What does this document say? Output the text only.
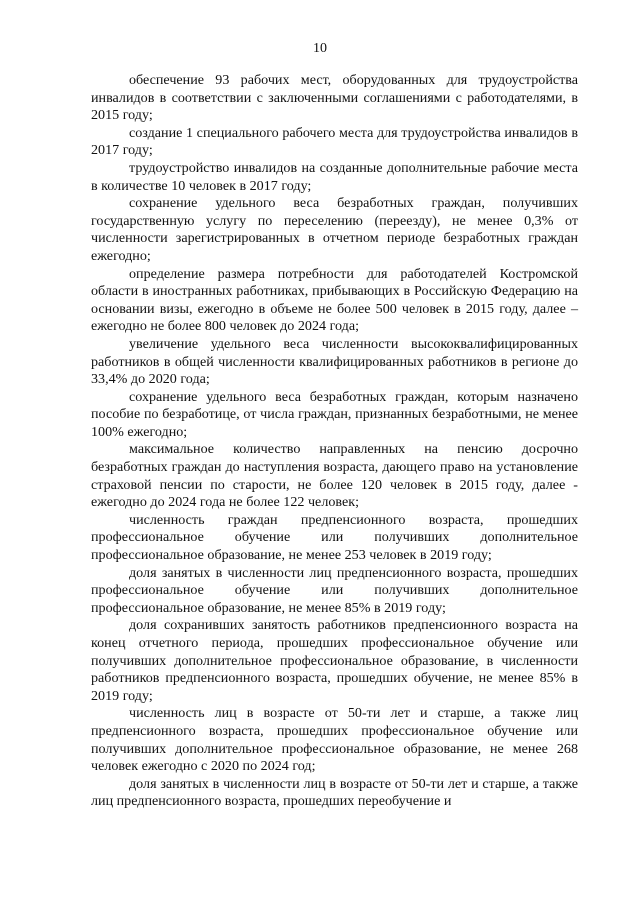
10

обеспечение 93 рабочих мест, оборудованных для трудоустройства инвалидов в соответствии с заключенными соглашениями с работодателями, в 2015 году;

создание 1 специального рабочего места для трудоустройства инвалидов в 2017 году;

трудоустройство инвалидов на созданные дополнительные рабочие места в количестве 10 человек в 2017 году;

сохранение удельного веса безработных граждан, получивших государственную услугу по переселению (переезду), не менее 0,3% от численности зарегистрированных в отчетном периоде безработных граждан ежегодно;

определение размера потребности для работодателей Костромской области в иностранных работниках, прибывающих в Российскую Федерацию на основании визы, ежегодно в объеме не более 500 человек в 2015 году, далее – ежегодно не более 800 человек до 2024 года;

увеличение удельного веса численности высококвалифицированных работников в общей численности квалифицированных работников в регионе до 33,4% до 2020 года;

сохранение удельного веса безработных граждан, которым назначено пособие по безработице, от числа граждан, признанных безработными, не менее 100% ежегодно;

максимальное количество направленных на пенсию досрочно безработных граждан до наступления возраста, дающего право на установление страховой пенсии по старости, не более 120 человек в 2015 году, далее - ежегодно до 2024 года не более 122 человек;

численность граждан предпенсионного возраста, прошедших профессиональное обучение или получивших дополнительное профессиональное образование, не менее 253 человек в 2019 году;

доля занятых в численности лиц предпенсионного возраста, прошедших профессиональное обучение или получивших дополнительное профессиональное образование, не менее 85% в 2019 году;

доля сохранивших занятость работников предпенсионного возраста на конец отчетного периода, прошедших профессиональное обучение или получивших дополнительное профессиональное образование, в численности работников предпенсионного возраста, прошедших обучение, не менее 85% в 2019 году;

численность лиц в возрасте от 50-ти лет и старше, а также лиц предпенсионного возраста, прошедших профессиональное обучение или получивших дополнительное профессиональное образование, не менее 268 человек ежегодно с 2020 по 2024 год;

доля занятых в численности лиц в возрасте от 50-ти лет и старше, а также лиц предпенсионного возраста, прошедших переобучение и
